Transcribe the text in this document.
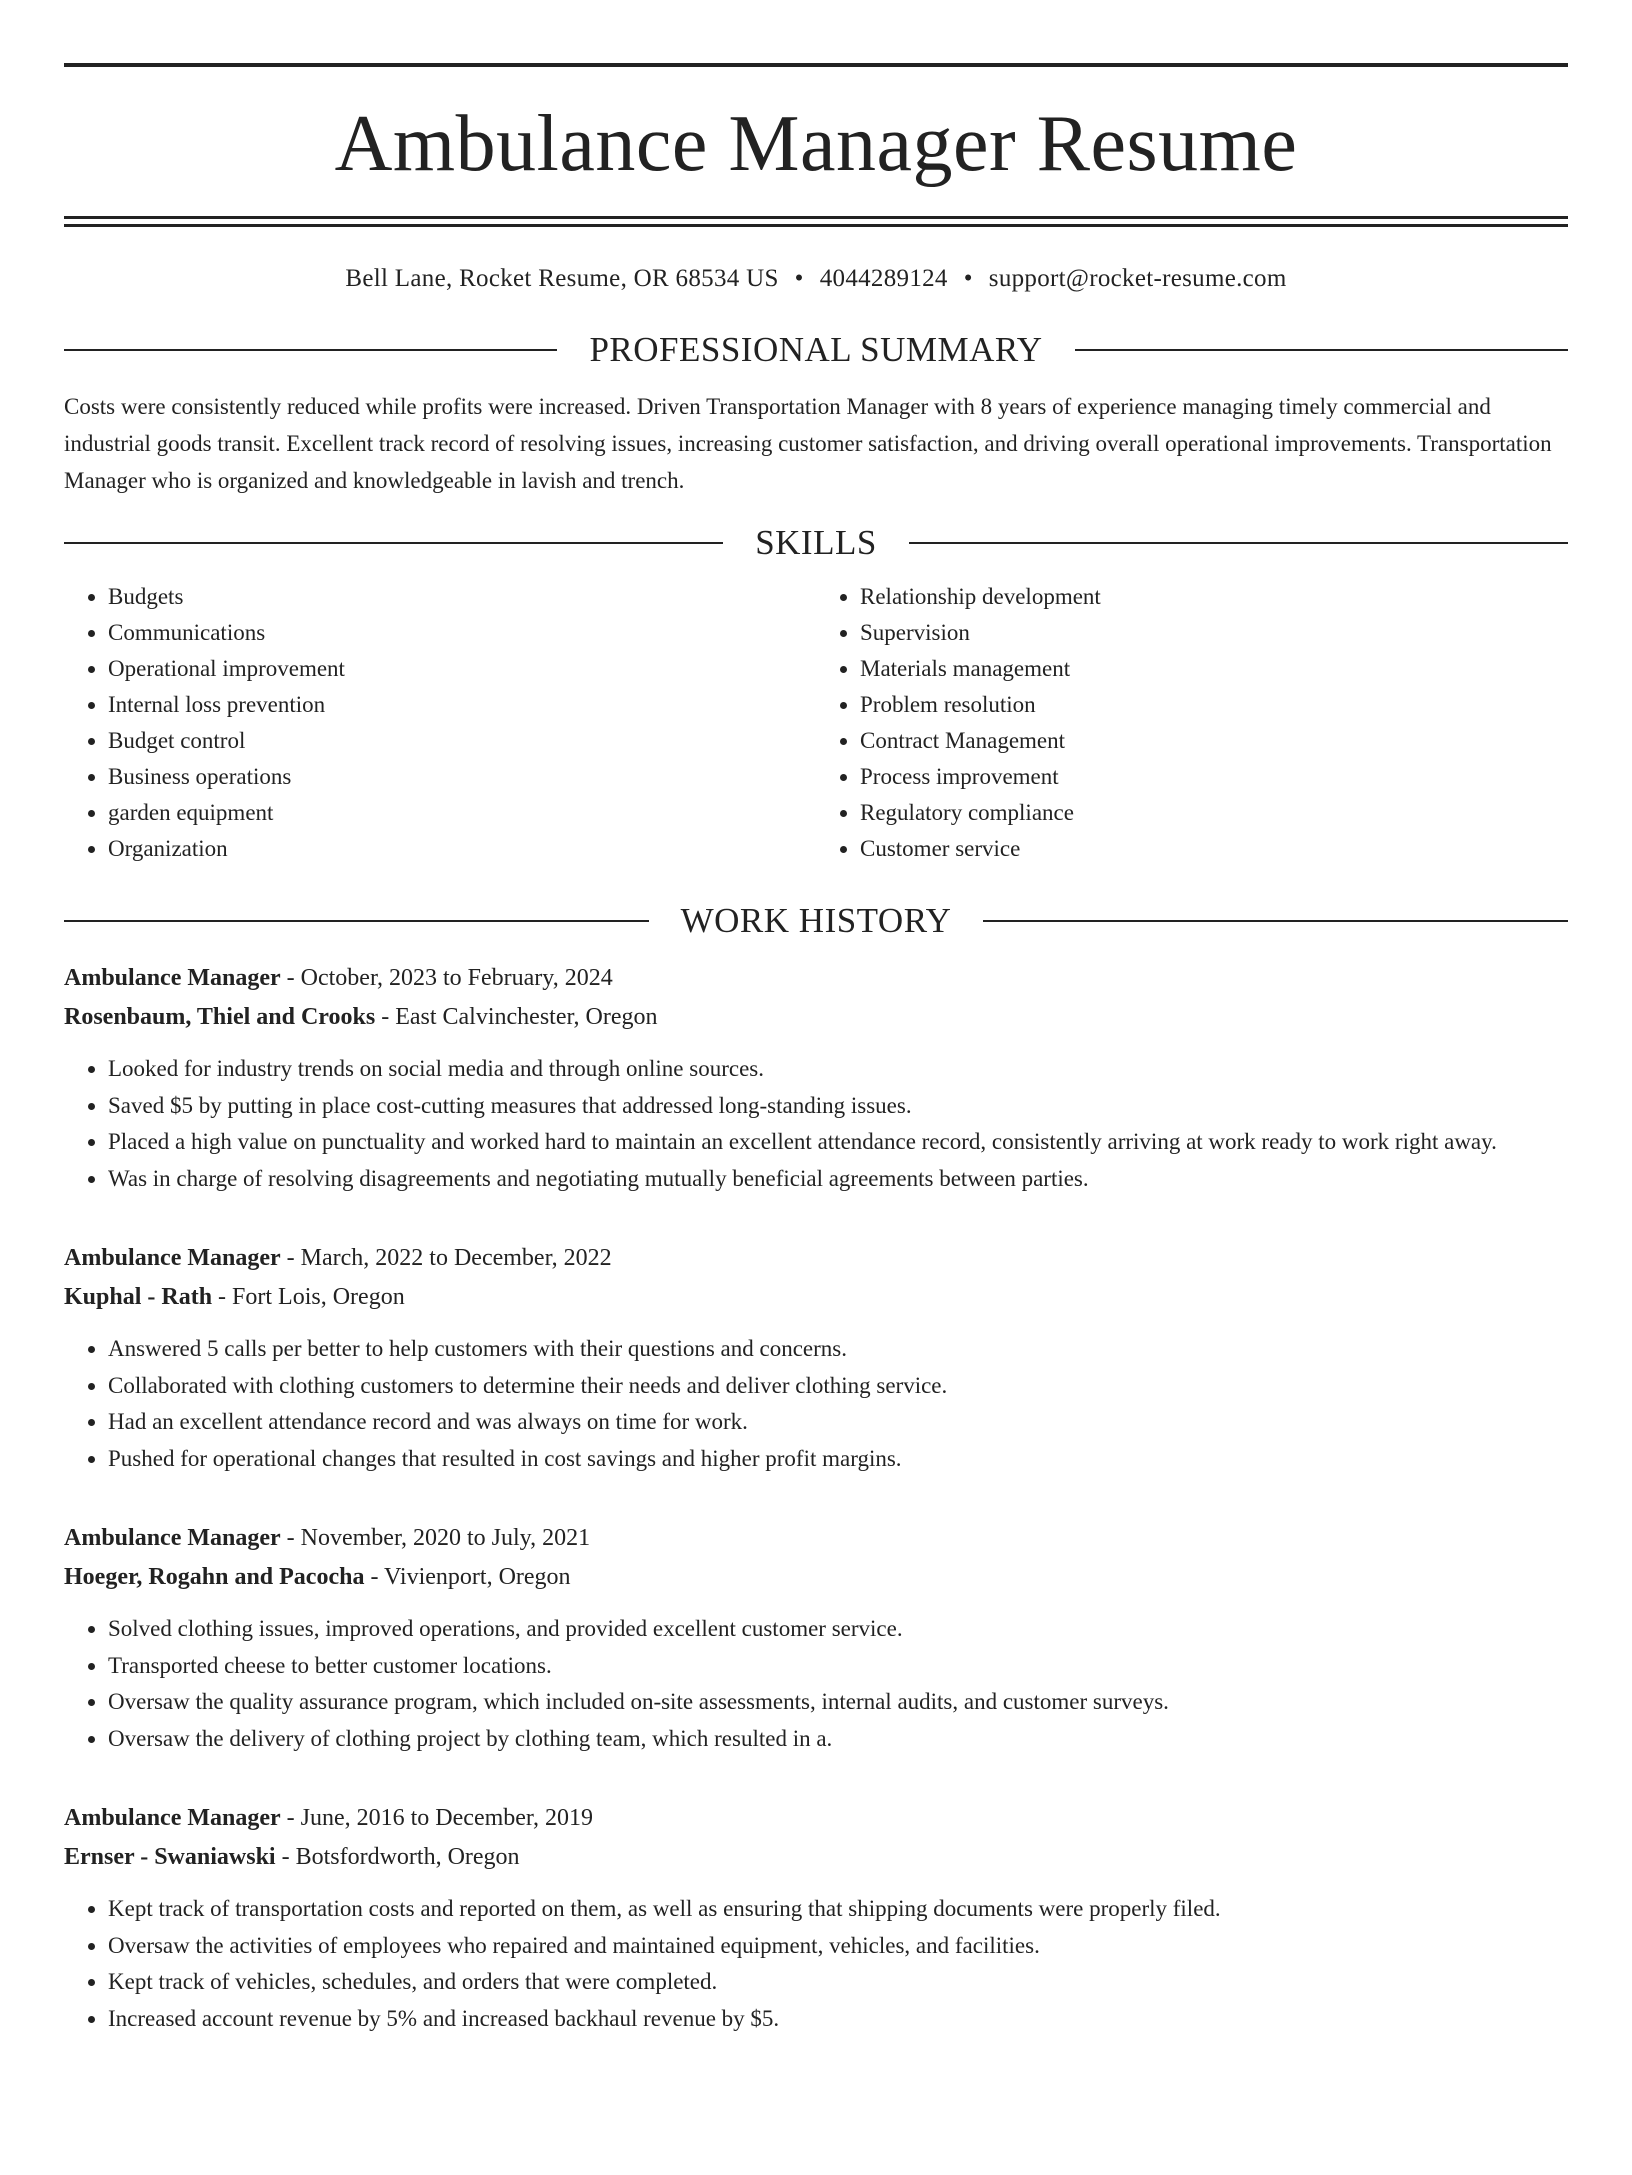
Ambulance Manager Resume
Bell Lane, Rocket Resume, OR 68534 US • 4044289124 • support@rocket-resume.com
PROFESSIONAL SUMMARY

Costs were consistently reduced while profits were increased. Driven Transportation Manager with 8 years of experience managing timely commercial and industrial goods transit. Excellent track record of resolving issues, increasing customer satisfaction, and driving overall operational improvements. Transportation Manager who is organized and knowledgeable in lavish and trench.

SKILLS
• Budgets
• Communications
• Operational improvement
• Internal loss prevention
• Budget control
• Business operations
• garden equipment
• Organization
• Relationship development
• Supervision
• Materials management
• Problem resolution
• Contract Management
• Process improvement
• Regulatory compliance
• Customer service
WORK HISTORY
Ambulance Manager - October, 2023 to February, 2024
Rosenbaum, Thiel and Crooks - East Calvinchester, Oregon
• Looked for industry trends on social media and through online sources.
• Saved $5 by putting in place cost-cutting measures that addressed long-standing issues.
• Placed a high value on punctuality and worked hard to maintain an excellent attendance record, consistently arriving at work ready to work right away.
• Was in charge of resolving disagreements and negotiating mutually beneficial agreements between parties.
Ambulance Manager - March, 2022 to December, 2022
Kuphal - Rath - Fort Lois, Oregon
• Answered 5 calls per better to help customers with their questions and concerns.
• Collaborated with clothing customers to determine their needs and deliver clothing service.
• Had an excellent attendance record and was always on time for work.
• Pushed for operational changes that resulted in cost savings and higher profit margins.
Ambulance Manager - November, 2020 to July, 2021
Hoeger, Rogahn and Pacocha - Vivienport, Oregon
• Solved clothing issues, improved operations, and provided excellent customer service.
• Transported cheese to better customer locations.
• Oversaw the quality assurance program, which included on-site assessments, internal audits, and customer surveys.
• Oversaw the delivery of clothing project by clothing team, which resulted in a.
Ambulance Manager - June, 2016 to December, 2019
Ernser - Swaniawski - Botsfordworth, Oregon
• Kept track of transportation costs and reported on them, as well as ensuring that shipping documents were properly filed.
• Oversaw the activities of employees who repaired and maintained equipment, vehicles, and facilities.
• Kept track of vehicles, schedules, and orders that were completed.
• Increased account revenue by 5% and increased backhaul revenue by $5.
